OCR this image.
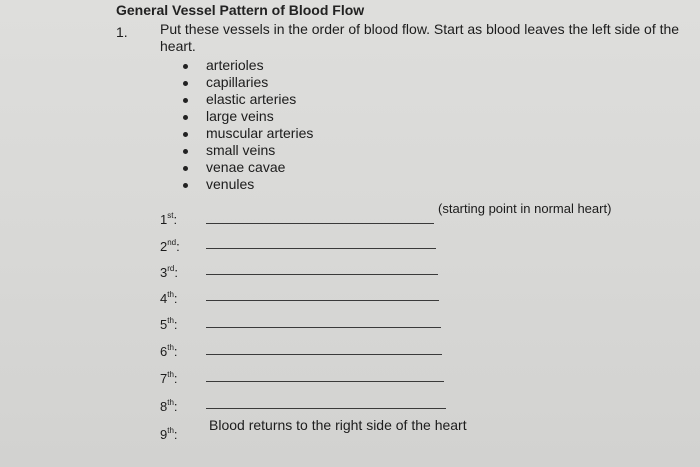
General Vessel Pattern of Blood Flow
1. Put these vessels in the order of blood flow. Start as blood leaves the left side of the heart.
arterioles
capillaries
elastic arteries
large veins
muscular arteries
small veins
venae cavae
venules
1st:
(starting point in normal heart)
2nd:
3rd:
4th:
5th:
6th:
7th:
8th:
9th:
Blood returns to the right side of the heart
